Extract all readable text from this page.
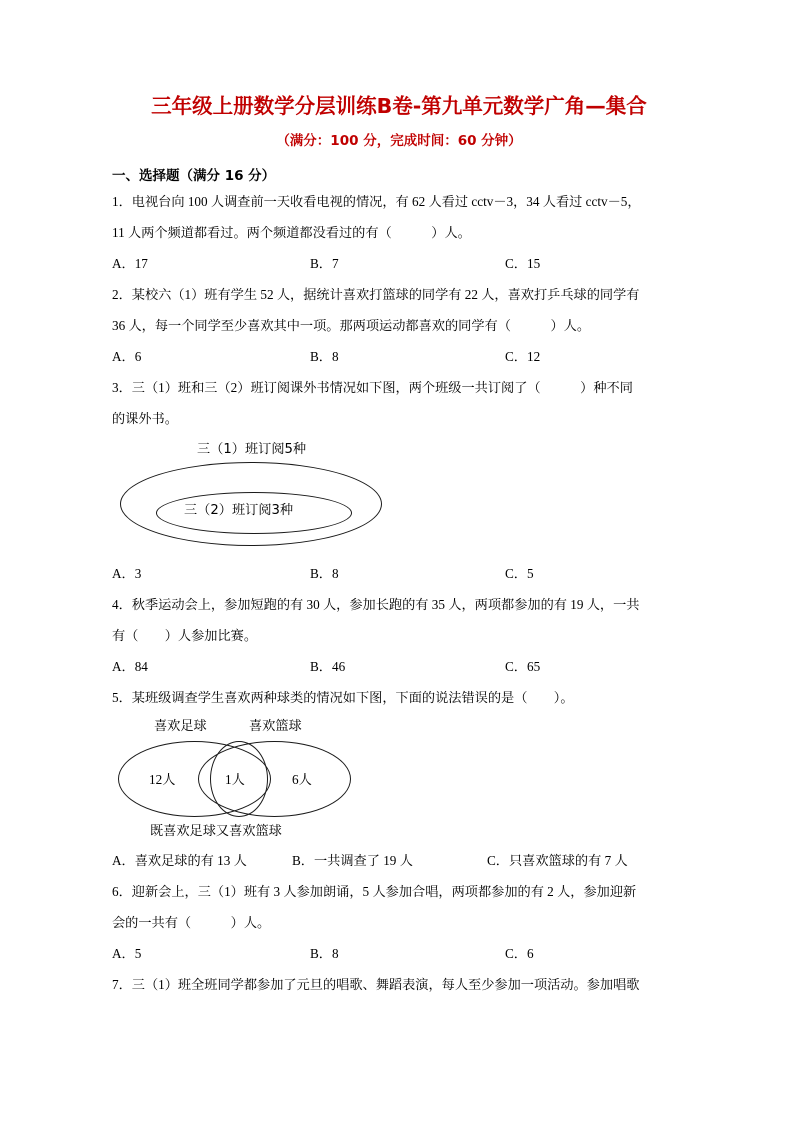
三年级上册数学分层训练B卷-第九单元数学广角—集合
（满分：100 分，完成时间：60 分钟）
一、选择题（满分 16 分）
1．电视台向 100 人调查前一天收看电视的情况，有 62 人看过 cctv－3，34 人看过 cctv－5，
11 人两个频道都看过。两个频道都没看过的有（　　　）人。
A．17	B．7	C．15
2．某校六（1）班有学生 52 人，据统计喜欢打篮球的同学有 22 人，喜欢打乒乓球的同学有
36 人，每一个同学至少喜欢其中一项。那两项运动都喜欢的同学有（　　　）人。
A．6	B．8	C．12
3．三（1）班和三（2）班订阅课外书情况如下图，两个班级一共订阅了（　　　）种不同
的课外书。
三（1）班订阅5种
三（2）班订阅3种
A．3	B．8	C．5
4．秋季运动会上，参加短跑的有 30 人，参加长跑的有 35 人，两项都参加的有 19 人，一共
有（　　）人参加比赛。
A．84	B．46	C．65
5．某班级调查学生喜欢两种球类的情况如下图，下面的说法错误的是（　　）。
喜欢足球	喜欢篮球
12人	1人	6人
既喜欢足球又喜欢篮球
A．喜欢足球的有 13 人	B．一共调查了 19 人	C．只喜欢篮球的有 7 人
6．迎新会上，三（1）班有 3 人参加朗诵，5 人参加合唱，两项都参加的有 2 人，参加迎新
会的一共有（　　　）人。
A．5	B．8	C．6
7．三（1）班全班同学都参加了元旦的唱歌、舞蹈表演，每人至少参加一项活动。参加唱歌
